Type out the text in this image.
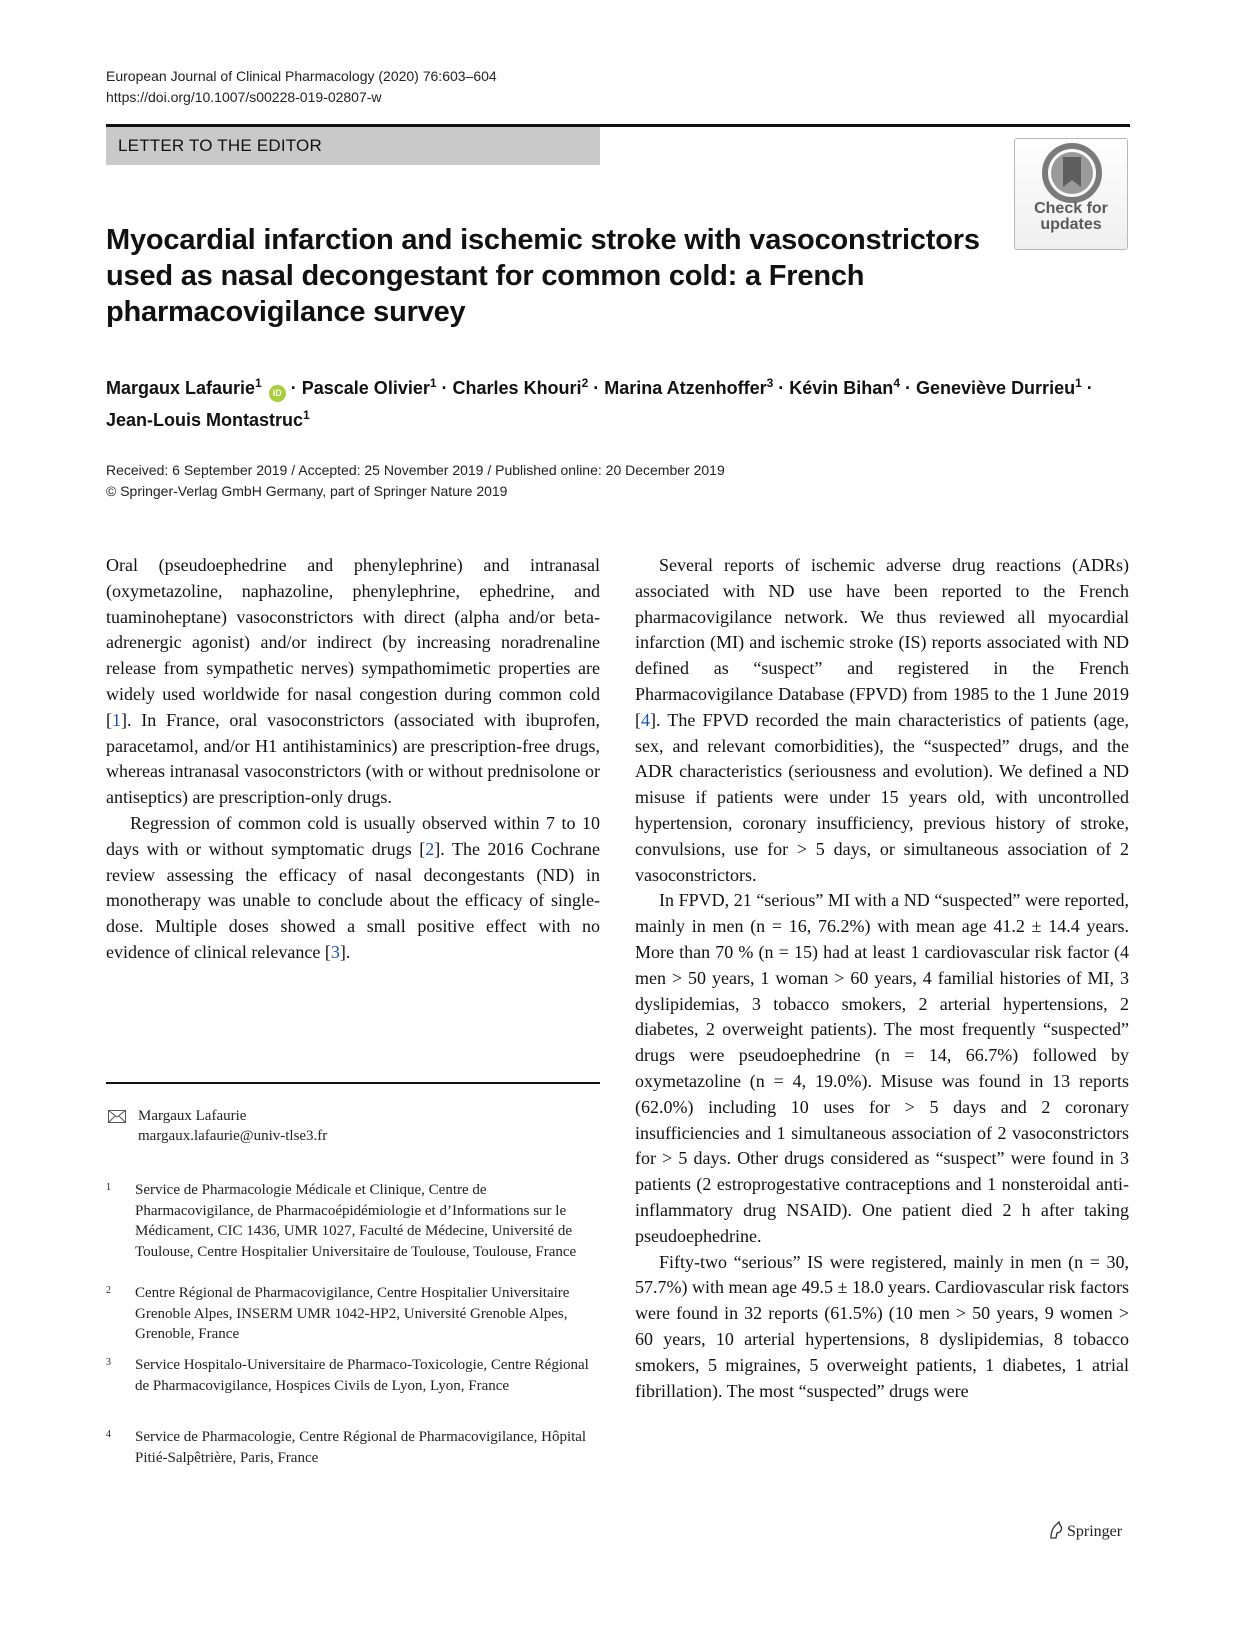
European Journal of Clinical Pharmacology (2020) 76:603–604
https://doi.org/10.1007/s00228-019-02807-w
LETTER TO THE EDITOR
Check for
updates
Myocardial infarction and ischemic stroke with vasoconstrictors used as nasal decongestant for common cold: a French pharmacovigilance survey
Margaux Lafaurie$^1$ iD · Pascale Olivier$^1$ · Charles Khouri$^2$ · Marina Atzenhoffer$^3$ · Kévin Bihan$^4$ · Geneviève Durrieu$^1$ ·
Jean-Louis Montastruc$^1$
Received: 6 September 2019 / Accepted: 25 November 2019 / Published online: 20 December 2019
© Springer-Verlag GmbH Germany, part of Springer Nature 2019

Oral (pseudoephedrine and phenylephrine) and intranasal (oxymetazoline, naphazoline, phenylephrine, ephedrine, and tuaminoheptane) vasoconstrictors with direct (alpha and/or beta-adrenergic agonist) and/or indirect (by increasing noradrenaline release from sympathetic nerves) sympathomimetic properties are widely used worldwide for nasal congestion during common cold [1]. In France, oral vasoconstrictors (associated with ibuprofen, paracetamol, and/or H1 antihistaminics) are prescription-free drugs, whereas intranasal vasoconstrictors (with or without prednisolone or antiseptics) are prescription-only drugs.

Regression of common cold is usually observed within 7 to 10 days with or without symptomatic drugs [2]. The 2016 Cochrane review assessing the efficacy of nasal decongestants (ND) in monotherapy was unable to conclude about the efficacy of single-dose. Multiple doses showed a small positive effect with no evidence of clinical relevance [3].

Several reports of ischemic adverse drug reactions (ADRs) associated with ND use have been reported to the French pharmacovigilance network. We thus reviewed all myocardial infarction (MI) and ischemic stroke (IS) reports associated with ND defined as “suspect” and registered in the French Pharmacovigilance Database (FPVD) from 1985 to the 1 June 2019 [4]. The FPVD recorded the main characteristics of patients (age, sex, and relevant comorbidities), the “suspected” drugs, and the ADR characteristics (seriousness and evolution). We defined a ND misuse if patients were under 15 years old, with uncontrolled hypertension, coronary insufficiency, previous history of stroke, convulsions, use for > 5 days, or simultaneous association of 2 vasoconstrictors.

In FPVD, 21 “serious” MI with a ND “suspected” were reported, mainly in men (n = 16, 76.2%) with mean age 41.2 ± 14.4 years. More than 70 % (n = 15) had at least 1 cardiovascular risk factor (4 men > 50 years, 1 woman > 60 years, 4 familial histories of MI, 3 dyslipidemias, 3 tobacco smokers, 2 arterial hypertensions, 2 diabetes, 2 overweight patients). The most frequently “suspected” drugs were pseudoephedrine (n = 14, 66.7%) followed by oxymetazoline (n = 4, 19.0%). Misuse was found in 13 reports (62.0%) including 10 uses for > 5 days and 2 coronary insufficiencies and 1 simultaneous association of 2 vasoconstrictors for > 5 days. Other drugs considered as “suspect” were found in 3 patients (2 estroprogestative contraceptions and 1 nonsteroidal anti-inflammatory drug NSAID). One patient died 2 h after taking pseudoephedrine.

Fifty-two “serious” IS were registered, mainly in men (n = 30, 57.7%) with mean age 49.5 ± 18.0 years. Cardiovascular risk factors were found in 32 reports (61.5%) (10 men > 50 years, 9 women > 60 years, 10 arterial hypertensions, 8 dyslipidemias, 8 tobacco smokers, 5 migraines, 5 overweight patients, 1 diabetes, 1 atrial fibrillation). The most “suspected” drugs were

Margaux Lafaurie
margaux.lafaurie@univ-tlse3.fr
1 Service de Pharmacologie Médicale et Clinique, Centre de Pharmacovigilance, de Pharmacoépidémiologie et d’Informations sur le Médicament, CIC 1436, UMR 1027, Faculté de Médecine, Université de Toulouse, Centre Hospitalier Universitaire de Toulouse, Toulouse, France
2 Centre Régional de Pharmacovigilance, Centre Hospitalier Universitaire Grenoble Alpes, INSERM UMR 1042-HP2, Université Grenoble Alpes, Grenoble, France
3 Service Hospitalo-Universitaire de Pharmaco-Toxicologie, Centre Régional de Pharmacovigilance, Hospices Civils de Lyon, Lyon, France
4 Service de Pharmacologie, Centre Régional de Pharmacovigilance, Hôpital Pitié-Salpêtrière, Paris, France
Springer
